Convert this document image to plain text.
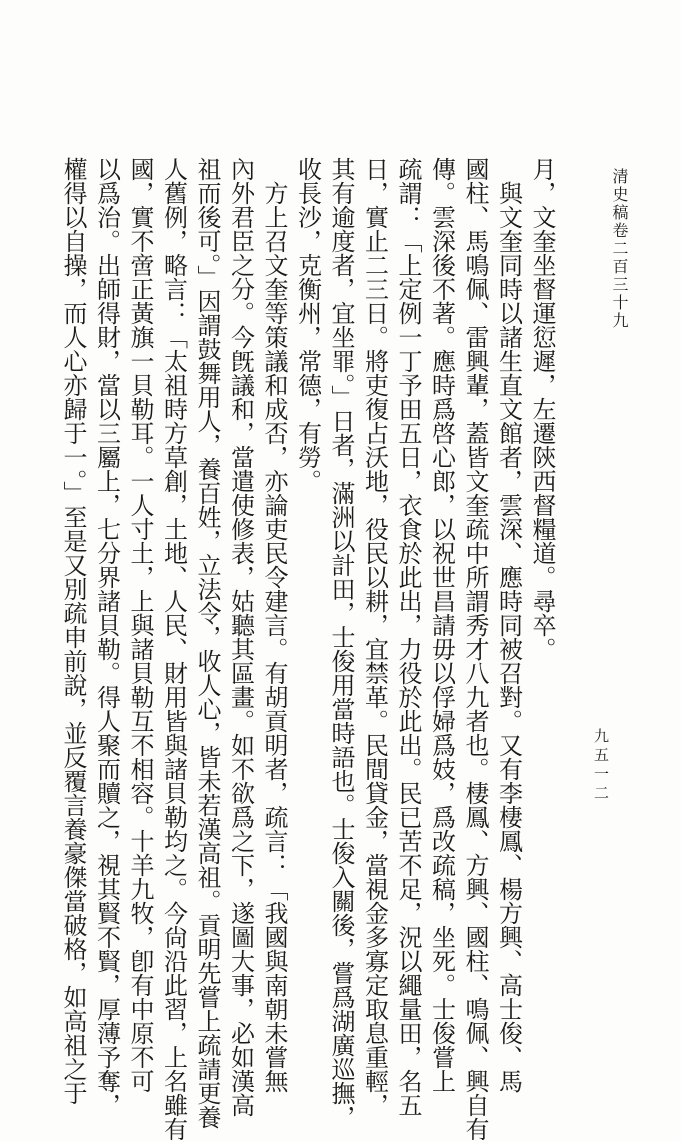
清史稿卷二百三十九
九五一二
月，文奎坐督運愆遲，左遷陝西督糧道。尋卒。
　與文奎同時以諸生直文館者，雲深、應時同被召對。又有李棲鳳、楊方興、高士俊、馬
國柱、馬鳴佩、雷興輩，蓋皆文奎疏中所謂秀才八九者也。棲鳳、方興、國柱、鳴佩、興自有
傳。雲深後不著。應時爲啓心郎，以祝世昌請毋以俘婦爲妓，爲改疏稿，坐死。士俊嘗上
疏謂：「上定例一丁予田五日，衣食於此出，力役於此出。民已苦不足，況以繩量田，名五
日，實止二三日。將吏復占沃地，役民以耕，宜禁革。民間貸金，當視金多寡定取息重輕，
其有逾度者，宜坐罪。」日者，滿洲以計田，士俊用當時語也。士俊入關後，嘗爲湖廣巡撫，
收長沙，克衡州，常德，有勞。
　方上召文奎等策議和成否，亦論吏民令建言。有胡貢明者，疏言：「我國與南朝未嘗無
內外君臣之分。今旣議和，當遣使修表，姑聽其區畫。如不欲爲之下，遂圖大事，必如漢高
祖而後可。」因謂鼓舞用人，養百姓，立法令，收人心，皆未若漢高祖。貢明先嘗上疏請更養
人舊例，略言：「太祖時方草創，土地、人民、財用皆與諸貝勒均之。今尙沿此習，上名雖有
國，實不啻正黃旗一貝勒耳。一人寸土，上與諸貝勒互不相容。十羊九牧，卽有中原不可
以爲治。出師得財，當以三屬上，七分界諸貝勒。得人聚而贖之，視其賢不賢，厚薄予奪，
權得以自操，而人心亦歸于一。」至是又別疏申前說，並反覆言養豪傑當破格，如高祖之于
